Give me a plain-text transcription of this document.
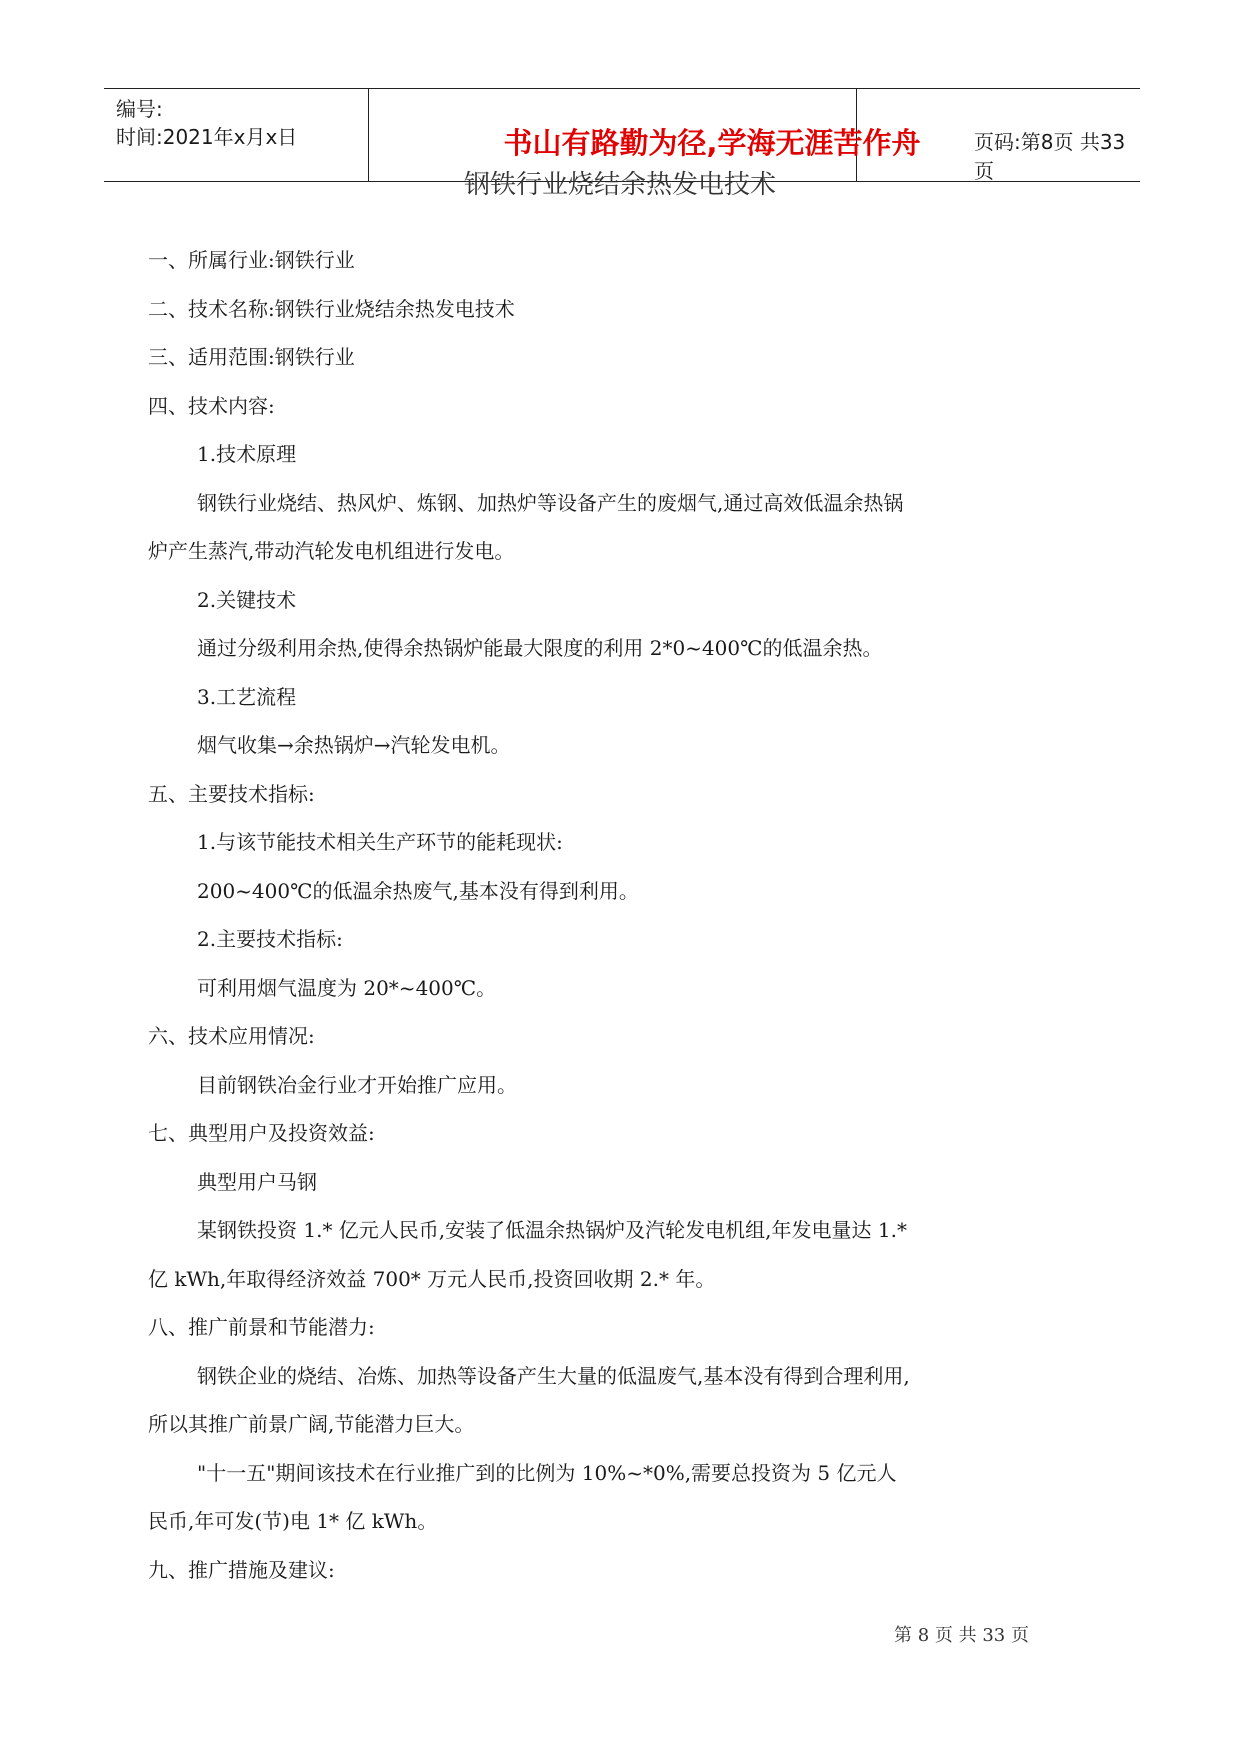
编号:
时间:2021年x月x日	书山有路勤为径,学海无涯苦作舟	页码:第8页 共33页
钢铁行业烧结余热发电技术

一、所属行业:钢铁行业

二、技术名称:钢铁行业烧结余热发电技术

三、适用范围:钢铁行业

四、技术内容:

1.技术原理

钢铁行业烧结、热风炉、炼钢、加热炉等设备产生的废烟气,通过高效低温余热锅

炉产生蒸汽,带动汽轮发电机组进行发电。

2.关键技术

通过分级利用余热,使得余热锅炉能最大限度的利用 2*0~400℃的低温余热。

3.工艺流程

烟气收集→余热锅炉→汽轮发电机。

五、主要技术指标:

1.与该节能技术相关生产环节的能耗现状:

200~400℃的低温余热废气,基本没有得到利用。

2.主要技术指标:

可利用烟气温度为 20*~400℃。

六、技术应用情况:

目前钢铁冶金行业才开始推广应用。

七、典型用户及投资效益:

典型用户马钢

某钢铁投资 1.* 亿元人民币,安装了低温余热锅炉及汽轮发电机组,年发电量达 1.*

亿 kWh,年取得经济效益 700* 万元人民币,投资回收期 2.* 年。

八、推广前景和节能潜力:

钢铁企业的烧结、冶炼、加热等设备产生大量的低温废气,基本没有得到合理利用,

所以其推广前景广阔,节能潜力巨大。

"十一五"期间该技术在行业推广到的比例为 10%~*0%,需要总投资为 5 亿元人

民币,年可发(节)电 1* 亿 kWh。

九、推广措施及建议:

第 8 页 共 33 页
